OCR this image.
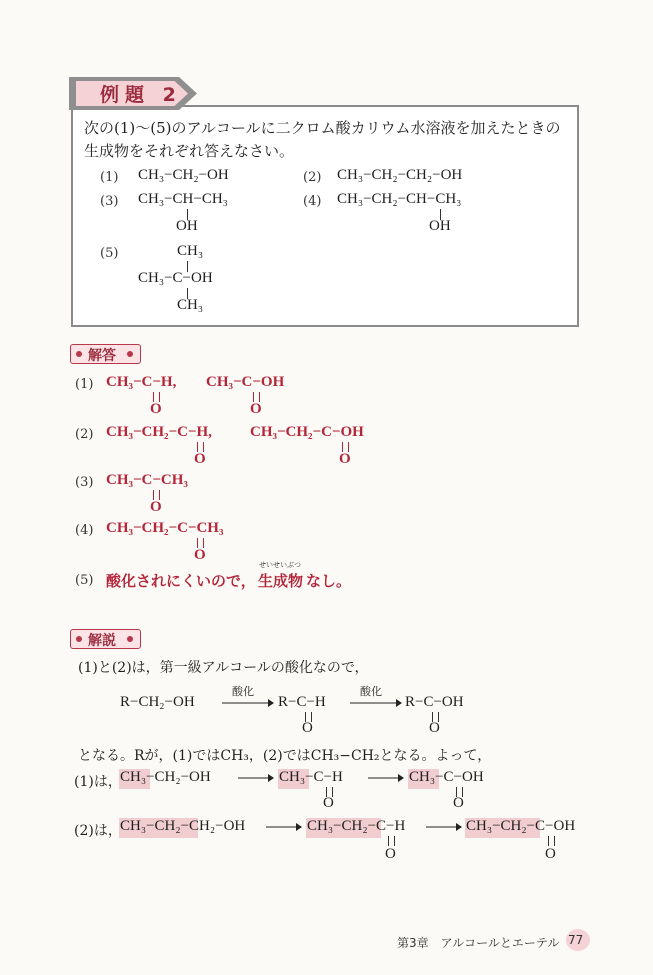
例題 2
次の(1)〜(5)のアルコールに二クロム酸カリウム水溶液を加えたときの生成物をそれぞれ答えなさい。
(1) CH₃−CH₂−OH	(2) CH₃−CH₂−CH₂−OH
(3) CH₃−CH−CH₃
OH
(4) CH₃−CH₂−CH−CH₃
OH
(5)	CH₃
CH₃−C−OH
CH₃
解答
(1) CH₃−C−H,
O
CH₃−C−OH
O
(2) CH₃−CH₂−C−H,
O
CH₃−CH₂−C−OH
O
(3) CH₃−C−CH₃
O
(4) CH₃−CH₂−C−CH₃
O
(5) 酸化されにくいので，
せいせいぶつ
生成物 なし。
解説
(1)と(2)は，第一級アルコールの酸化なので，
R−CH₂−OH
酸化
R−C−H
O
酸化
R−C−OH
O
となる。Rが，(1)ではCH₃，(2)ではCH₃−CH₂となる。よって，
(1)は，
CH₃−CH₂−OH	CH₃−C−H
O
CH₃−C−OH
O
(2)は，
CH₃−CH₂−CH₂−OH	CH₃−CH₂−C−H
O
CH₃−CH₂−C−OH
O
第3章　アルコールとエーテル 77
